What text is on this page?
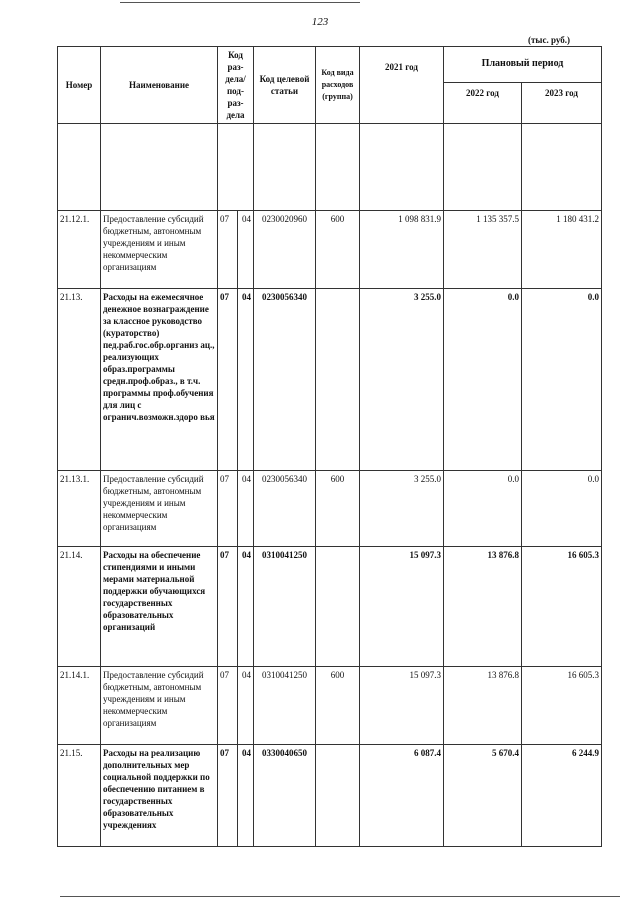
123
(тыс. руб.)
Номер	Наименование	Код раз-дела/ под-раз-дела		Код целевой статьи	Код вида расходов (группа)	2021 год	Плановый период	
							2022 год	2023 год

21.12.1.	Предоставление субсидий бюджетным, автономным учреждениям и иным некоммерческим организациям	07	04	0230020960	600	1 098 831.9	1 135 357.5	1 180 431.2
21.13.	Расходы на ежемесячное денежное вознаграждение за классное руководство (кураторство) пед.раб.гос.обр.организ ац., реализующих образ.программы средн.проф.образ., в т.ч. программы проф.обучения для лиц с огранич.возможн.здоро вья	07	04	0230056340		3 255.0	0.0	0.0
21.13.1.	Предоставление субсидий бюджетным, автономным учреждениям и иным некоммерческим организациям	07	04	0230056340	600	3 255.0	0.0	0.0
21.14.	Расходы на обеспечение стипендиями и иными мерами материальной поддержки обучающихся государственных образовательных организаций	07	04	0310041250		15 097.3	13 876.8	16 605.3
21.14.1.	Предоставление субсидий бюджетным, автономным учреждениям и иным некоммерческим организациям	07	04	0310041250	600	15 097.3	13 876.8	16 605.3
21.15.	Расходы на реализацию дополнительных мер социальной поддержки по обеспечению питанием в государственных образовательных учреждениях	07	04	0330040650		6 087.4	5 670.4	6 244.9
